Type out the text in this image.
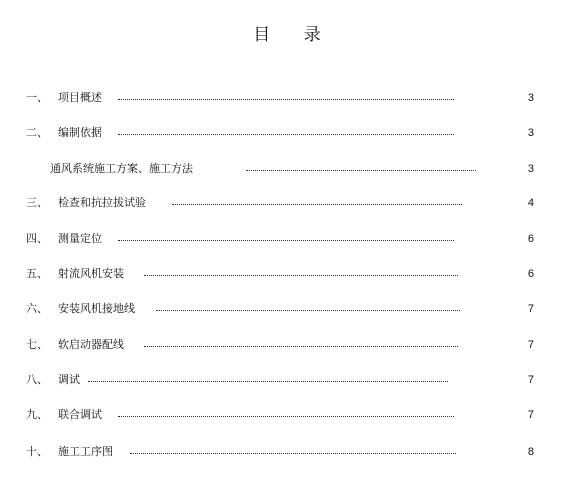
目 录
一、 项目概述	3
二、 编制依据	3
通风系统施工方案、施工方法	3
三、 检查和抗拉拔试验	4
四、 测量定位	6
五、 射流风机安装	6
六、 安装风机接地线	7
七、 软启动器配线	7
八、 调试	7
九、 联合调试	7
十、 施工工序图	8
